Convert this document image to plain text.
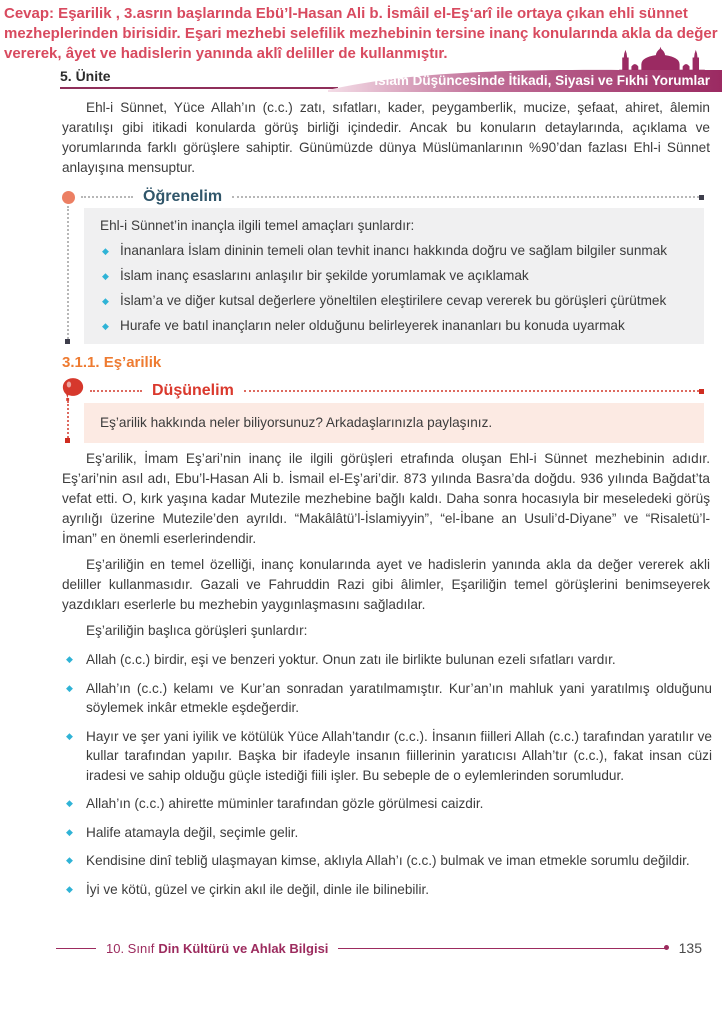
Cevap: Eşarilik , 3.asrın başlarında Ebü’l-Hasan Ali b. İsmâil el-Eş‘arî ile ortaya çıkan ehli sünnet mezheplerinden birisidir. Eşari mezhebi selefilik mezhebinin tersine inanç konularında akla da değer vererek, âyet ve hadislerin yanında aklî deliller de kullanmıştır.
5. Ünite	İslam Düşüncesinde İtikadi, Siyasi ve Fıkhi Yorumlar

Ehl-i Sünnet, Yüce Allah’ın (c.c.) zatı, sıfatları, kader, peygamberlik, mucize, şefaat, ahiret, âlemin yaratılışı gibi itikadi konularda görüş birliği içindedir. Ancak bu konuların detaylarında, açıklama ve yorumlarında farklı görüşlere sahiptir. Günümüzde dünya Müslümanlarının %90’dan fazlası Ehl-i Sünnet anlayışına mensuptur.

Öğrenelim

Ehl-i Sünnet’in inançla ilgili temel amaçları şunlardır:

◆ İnananlara İslam dininin temeli olan tevhit inancı hakkında doğru ve sağlam bilgiler sunmak
◆ İslam inanç esaslarını anlaşılır bir şekilde yorumlamak ve açıklamak
◆ İslam’a ve diğer kutsal değerlere yöneltilen eleştirilere cevap vererek bu görüşleri çürütmek
◆ Hurafe ve batıl inançların neler olduğunu belirleyerek inananları bu konuda uyarmak
3.1.1. Eş’arilik
Düşünelim
Eş’arilik hakkında neler biliyorsunuz? Arkadaşlarınızla paylaşınız.

Eş’arilik, İmam Eş’ari’nin inanç ile ilgili görüşleri etrafında oluşan Ehl-i Sünnet mezhebinin adıdır. Eş’ari’nin asıl adı, Ebu’l-Hasan Ali b. İsmail el-Eş’ari’dir. 873 yılında Basra’da doğdu. 936 yılında Bağdat’ta vefat etti. O, kırk yaşına kadar Mutezile mezhebine bağlı kaldı. Daha sonra hocasıyla bir meseledeki görüş ayrılığı üzerine Mutezile’den ayrıldı. “Makâlâtü’l-İslamiyyin”, “el-İbane an Usuli’d-Diyane” ve “Risaletü’l-İman” en önemli eserlerindendir.

Eş’ariliğin en temel özelliği, inanç konularında ayet ve hadislerin yanında akla da değer vererek akli deliller kullanmasıdır. Gazali ve Fahruddin Razi gibi âlimler, Eşariliğin temel görüşlerini benimseyerek yazdıkları eserlerle bu mezhebin yaygınlaşmasını sağladılar.

Eş’ariliğin başlıca görüşleri şunlardır:

◆ Allah (c.c.) birdir, eşi ve benzeri yoktur. Onun zatı ile birlikte bulunan ezeli sıfatları vardır.
◆ Allah’ın (c.c.) kelamı ve Kur’an sonradan yaratılmamıştır. Kur’an’ın mahluk yani yaratılmış olduğunu söylemek inkâr etmekle eşdeğerdir.
◆ Hayır ve şer yani iyilik ve kötülük Yüce Allah’tandır (c.c.). İnsanın fiilleri Allah (c.c.) tarafından yaratılır ve kullar tarafından yapılır. Başka bir ifadeyle insanın fiillerinin yaratıcısı Allah’tır (c.c.), fakat insan cüzi iradesi ve sahip olduğu güçle istediği fiili işler. Bu sebeple de o eylemlerinden sorumludur.
◆ Allah’ın (c.c.) ahirette müminler tarafından gözle görülmesi caizdir.
◆ Halife atamayla değil, seçimle gelir.
◆ Kendisine dinî tebliğ ulaşmayan kimse, aklıyla Allah’ı (c.c.) bulmak ve iman etmekle sorumlu değildir.
◆ İyi ve kötü, güzel ve çirkin akıl ile değil, dinle ile bilinebilir.
10. Sınıf Din Kültürü ve Ahlak Bilgisi	135
